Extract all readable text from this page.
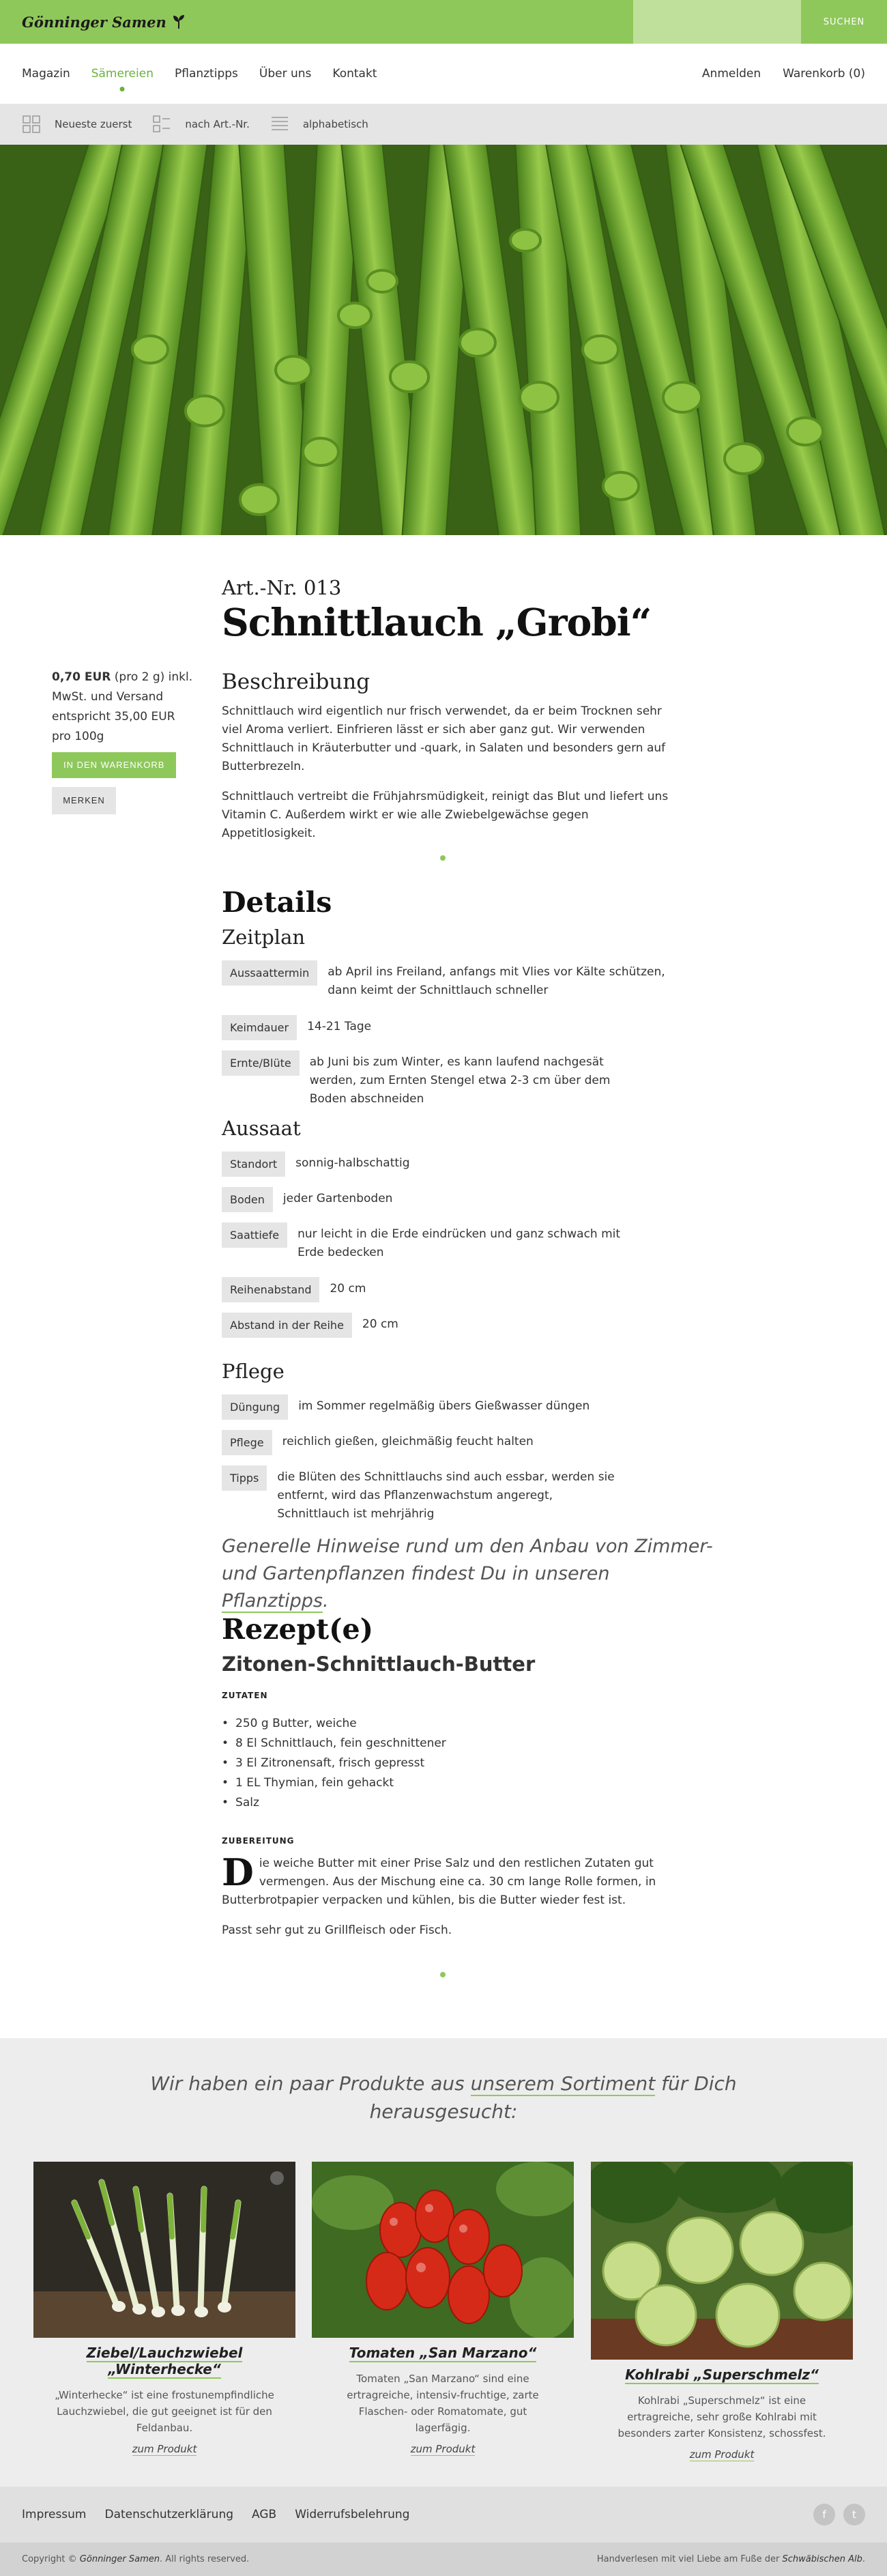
Gönninger Samen	SUCHEN
Magazin Sämereien Pflanztipps Über uns Kontakt	Anmelden Warenkorb (0)
Neueste zuerst	nach Art.-Nr.	alphabetisch
Art.-Nr. 013
Schnittlauch „Grobi“
0,70 EUR (pro 2 g) inkl. MwSt. und Versand entspricht 35,00 EUR pro 100g
IN DEN WARENKORB
MERKEN
Beschreibung

Schnittlauch wird eigentlich nur frisch verwendet, da er beim Trocknen sehr viel Aroma verliert. Einfrieren lässt er sich aber ganz gut. Wir verwenden Schnittlauch in Kräuterbutter und -quark, in Salaten und besonders gern auf Butterbrezeln.

Schnittlauch vertreibt die Frühjahrsmüdigkeit, reinigt das Blut und liefert uns Vitamin C. Außerdem wirkt er wie alle Zwiebelgewächse gegen Appetitlosigkeit.

Details
Zeitplan
Aussaattermin	ab April ins Freiland, anfangs mit Vlies vor Kälte schützen, dann keimt der Schnittlauch schneller
Keimdauer	14-21 Tage
Ernte/Blüte	ab Juni bis zum Winter, es kann laufend nachgesät werden, zum Ernten Stengel etwa 2-3 cm über dem Boden abschneiden
Aussaat
Standort	sonnig-halbschattig
Boden	jeder Gartenboden
Saattiefe	nur leicht in die Erde eindrücken und ganz schwach mit Erde bedecken
Reihenabstand	20 cm
Abstand in der Reihe	20 cm
Pflege
Düngung	im Sommer regelmäßig übers Gießwasser düngen
Pflege	reichlich gießen, gleichmäßig feucht halten
Tipps	die Blüten des Schnittlauchs sind auch essbar, werden sie entfernt, wird das Pflanzenwachstum angeregt, Schnittlauch ist mehrjährig

Generelle Hinweise rund um den Anbau von Zimmer- und Gartenpflanzen findest Du in unseren Pflanztipps.

Rezept(e)
Zitonen-Schnittlauch-Butter
ZUTATEN
• 250 g Butter, weiche
• 8 El Schnittlauch, fein geschnittener
• 3 El Zitronensaft, frisch gepresst
• 1 EL Thymian, fein gehackt
• Salz
ZUBEREITUNG

Die weiche Butter mit einer Prise Salz und den restlichen Zutaten gut vermengen. Aus der Mischung eine ca. 30 cm lange Rolle formen, in Butterbrotpapier verpacken und kühlen, bis die Butter wieder fest ist.

Passt sehr gut zu Grillfleisch oder Fisch.

Wir haben ein paar Produkte aus unserem Sortiment für Dich herausgesucht:

Ziebel/Lauchzwiebel „Winterhecke“

„Winterhecke“ ist eine frostunempfindliche Lauchzwiebel, die gut geeignet ist für den Feldanbau.

zum Produkt
Tomaten „San Marzano“

Tomaten „San Marzano“ sind eine ertragreiche, intensiv-fruchtige, zarte Flaschen- oder Romatomate, gut lagerfägig.

zum Produkt
Kohlrabi „Superschmelz“

Kohlrabi „Superschmelz“ ist eine ertragreiche, sehr große Kohlrabi mit besonders zarter Konsistenz, schossfest.

zum Produkt
Impressum Datenschutzerklärung AGB Widerrufsbelehrung	f	t
Copyright © Gönninger Samen. All rights reserved.	Handverlesen mit viel Liebe am Fuße der Schwäbischen Alb.
